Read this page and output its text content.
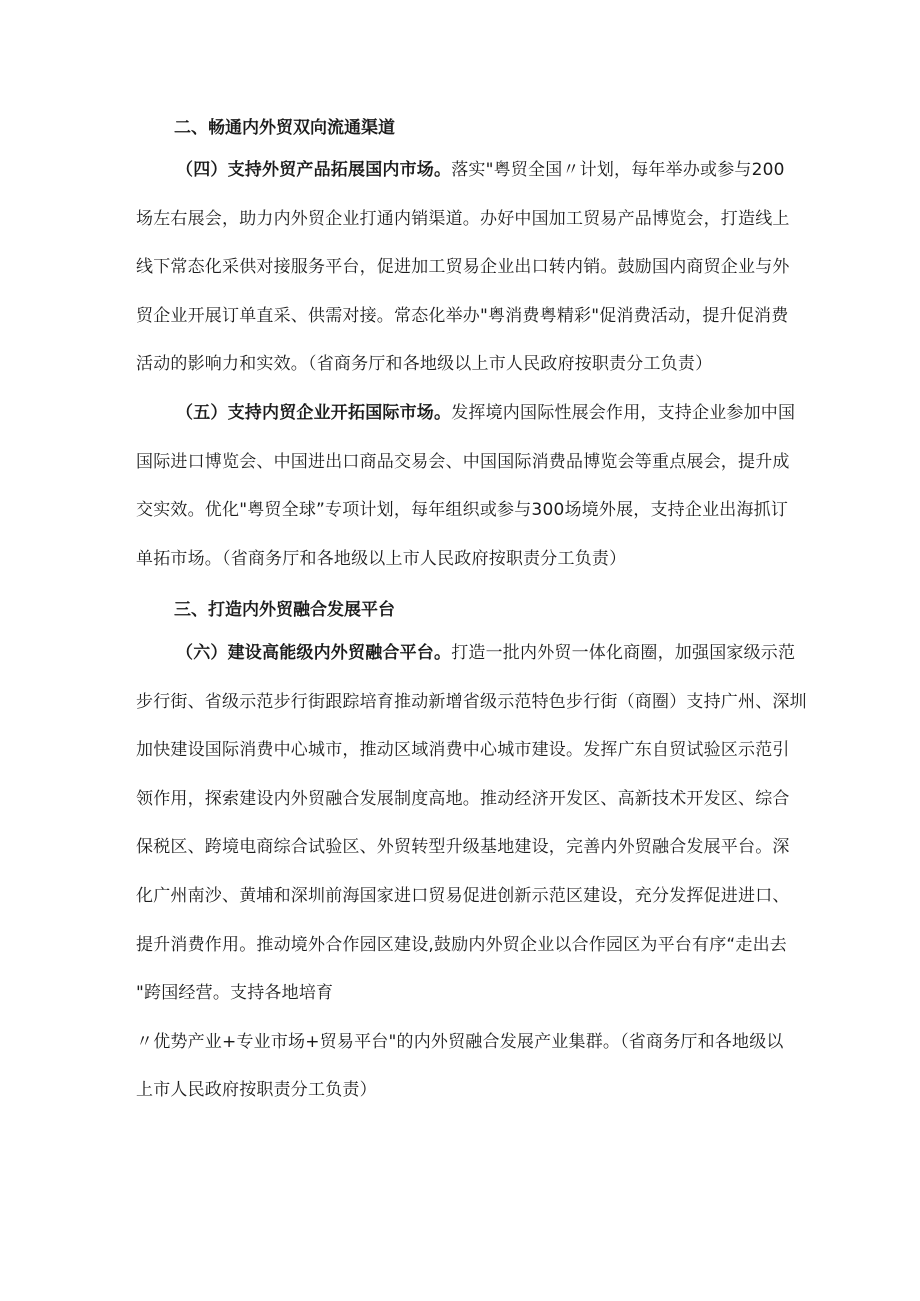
二、畅通内外贸双向流通渠道
（四）支持外贸产品拓展国内市场。落实"粤贸全国〃计划，每年举办或参与200
场左右展会，助力内外贸企业打通内销渠道。办好中国加工贸易产品博览会，打造线上
线下常态化采供对接服务平台，促进加工贸易企业出口转内销。鼓励国内商贸企业与外
贸企业开展订单直采、供需对接。常态化举办"粤消费粤精彩"促消费活动，提升促消费
活动的影响力和实效。（省商务厅和各地级以上市人民政府按职责分工负责）
（五）支持内贸企业开拓国际市场。发挥境内国际性展会作用，支持企业参加中国
国际进口博览会、中国进出口商品交易会、中国国际消费品博览会等重点展会，提升成
交实效。优化"粤贸全球”专项计划，每年组织或参与300场境外展，支持企业出海抓订
单拓市场。（省商务厅和各地级以上市人民政府按职责分工负责）
三、打造内外贸融合发展平台
（六）建设高能级内外贸融合平台。打造一批内外贸一体化商圈，加强国家级示范
步行街、省级示范步行街跟踪培育推动新增省级示范特色步行街（商圈）支持广州、深圳
加快建设国际消费中心城市，推动区域消费中心城市建设。发挥广东自贸试验区示范引
领作用，探索建设内外贸融合发展制度高地。推动经济开发区、高新技术开发区、综合
保税区、跨境电商综合试验区、外贸转型升级基地建设，完善内外贸融合发展平台。深
化广州南沙、黄埔和深圳前海国家进口贸易促进创新示范区建设，充分发挥促进进口、
提升消费作用。推动境外合作园区建设,鼓励内外贸企业以合作园区为平台有序“走出去
"跨国经营。支持各地培育
〃优势产业+专业市场+贸易平台"的内外贸融合发展产业集群。（省商务厅和各地级以
上市人民政府按职责分工负责）
